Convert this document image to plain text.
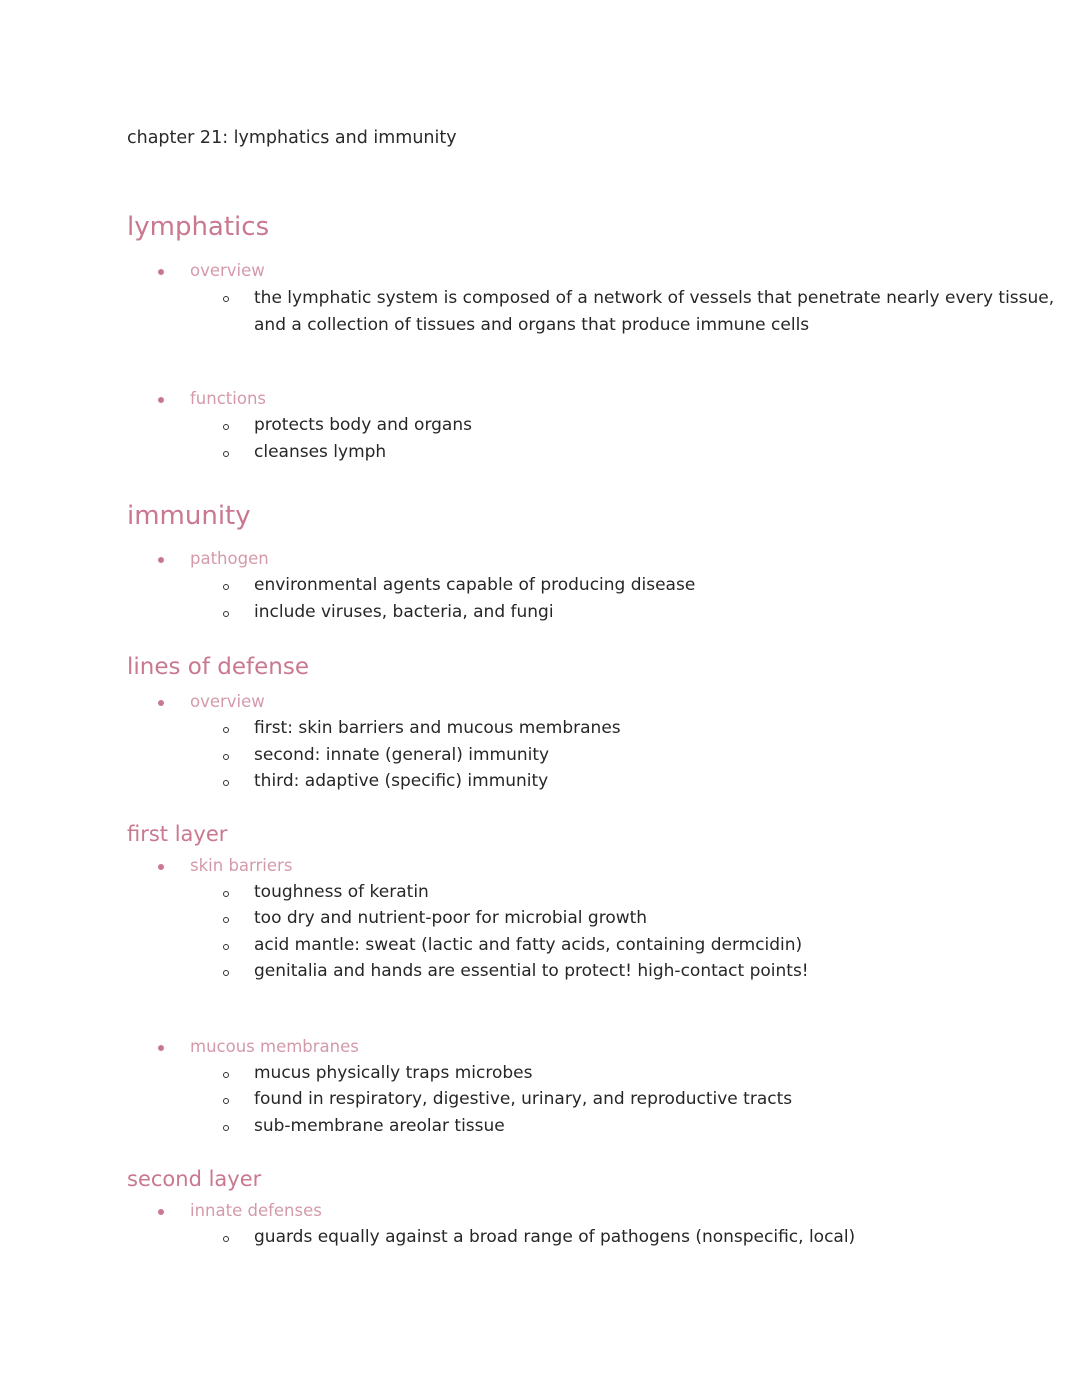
chapter 21: lymphatics and immunity
lymphatics
overview
the lymphatic system is composed of a network of vessels that penetrate nearly every tissue, and a collection of tissues and organs that produce immune cells
functions
protects body and organs
cleanses lymph
immunity
pathogen
environmental agents capable of producing disease
include viruses, bacteria, and fungi
lines of defense
overview
first: skin barriers and mucous membranes
second: innate (general) immunity
third: adaptive (specific) immunity
first layer
skin barriers
toughness of keratin
too dry and nutrient-poor for microbial growth
acid mantle: sweat (lactic and fatty acids, containing dermcidin)
genitalia and hands are essential to protect! high-contact points!
mucous membranes
mucus physically traps microbes
found in respiratory, digestive, urinary, and reproductive tracts
sub-membrane areolar tissue
second layer
innate defenses
guards equally against a broad range of pathogens (nonspecific, local)
